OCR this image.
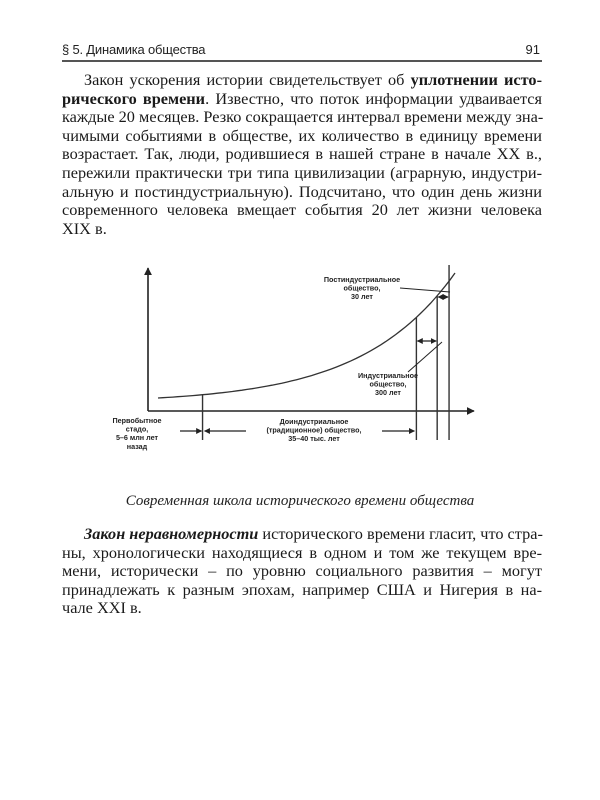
§ 5. Динамика общества	91
Закон ускорения истории свидетельствует об уплотнении исто-
рического времени. Известно, что поток информации удваивается
каждые 20 месяцев. Резко сокращается интервал времени между зна-
чимыми событиями в обществе, их количество в единицу времени
возрастает. Так, люди, родившиеся в нашей стране в начале XX в.,
пережили практически три типа цивилизации (аграрную, индустри-
альную и постиндустриальную). Подсчитано, что один день жизни
современного человека вмещает события 20 лет жизни человека
XIX в.
Первобытное
стадо,
5–6 млн лет
назад
Доиндустриальное
(традиционное) общество,
35–40 тыс. лет
Индустриальное
общество,
300 лет
Постиндустриальное
общество,
30 лет
Современная школа исторического времени общества
Закон неравномерности исторического времени гласит, что стра-
ны, хронологически находящиеся в одном и том же текущем вре-
мени, исторически – по уровню социального развития – могут
принадлежать к разным эпохам, например США и Нигерия в на-
чале XXI в.
